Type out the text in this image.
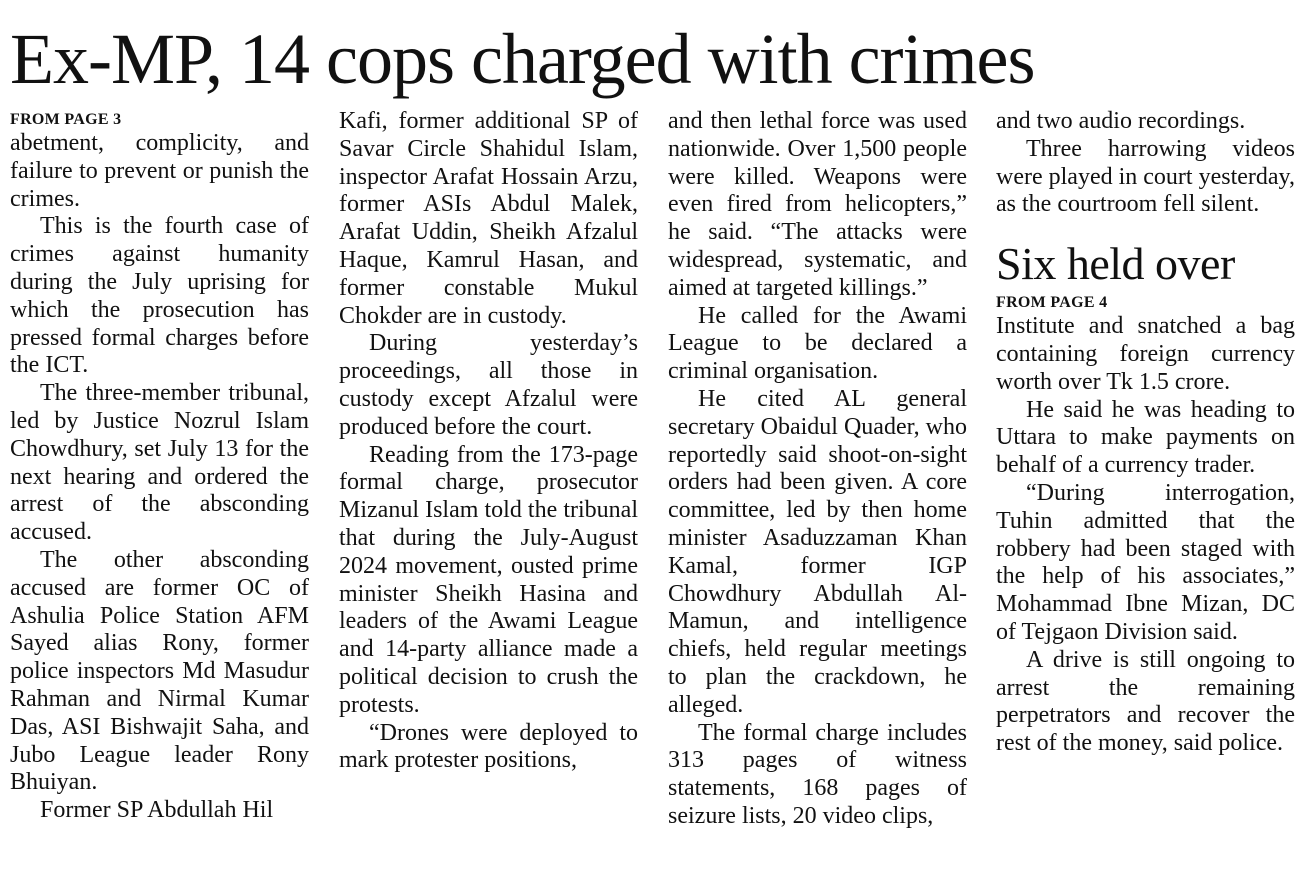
Ex-MP, 14 cops charged with crimes
FROM PAGE 3

abetment, complicity, and failure to prevent or punish the crimes.

This is the fourth case of crimes against humanity during the July uprising for which the prosecution has pressed formal charges before the ICT.

The three-member tribunal, led by Justice Nozrul Islam Chowdhury, set July 13 for the next hearing and ordered the arrest of the absconding accused.

The other absconding accused are former OC of Ashulia Police Station AFM Sayed alias Rony, former police inspectors Md Masudur Rahman and Nirmal Kumar Das, ASI Bishwajit Saha, and Jubo League leader Rony Bhuiyan.

Former SP Abdullah Hil

Kafi, former additional SP of Savar Circle Shahidul Islam, inspector Arafat Hossain Arzu, former ASIs Abdul Malek, Arafat Uddin, Sheikh Afzalul Haque, Kamrul Hasan, and former constable Mukul Chokder are in custody.

During yesterday’s proceedings, all those in custody except Afzalul were produced before the court.

Reading from the 173-page formal charge, prosecutor Mizanul Islam told the tribunal that during the July-August 2024 movement, ousted prime minister Sheikh Hasina and leaders of the Awami League and 14-party alliance made a political decision to crush the protests.

“Drones were deployed to mark protester positions,

and then lethal force was used nationwide. Over 1,500 people were killed. Weapons were even fired from helicopters,” he said. “The attacks were widespread, systematic, and aimed at targeted killings.”

He called for the Awami League to be declared a criminal organisation.

He cited AL general secretary Obaidul Quader, who reportedly said shoot-on-sight orders had been given. A core committee, led by then home minister Asaduzzaman Khan Kamal, former IGP Chowdhury Abdullah Al-Mamun, and intelligence chiefs, held regular meetings to plan the crackdown, he alleged.

The formal charge includes 313 pages of witness statements, 168 pages of seizure lists, 20 video clips,

and two audio recordings.

Three harrowing videos were played in court yesterday, as the courtroom fell silent.

Six held over
FROM PAGE 4

Institute and snatched a bag containing foreign currency worth over Tk 1.5 crore.

He said he was heading to Uttara to make payments on behalf of a currency trader.

“During interrogation, Tuhin admitted that the robbery had been staged with the help of his associates,” Mohammad Ibne Mizan, DC of Tejgaon Division said.

A drive is still ongoing to arrest the remaining perpetrators and recover the rest of the money, said police.
